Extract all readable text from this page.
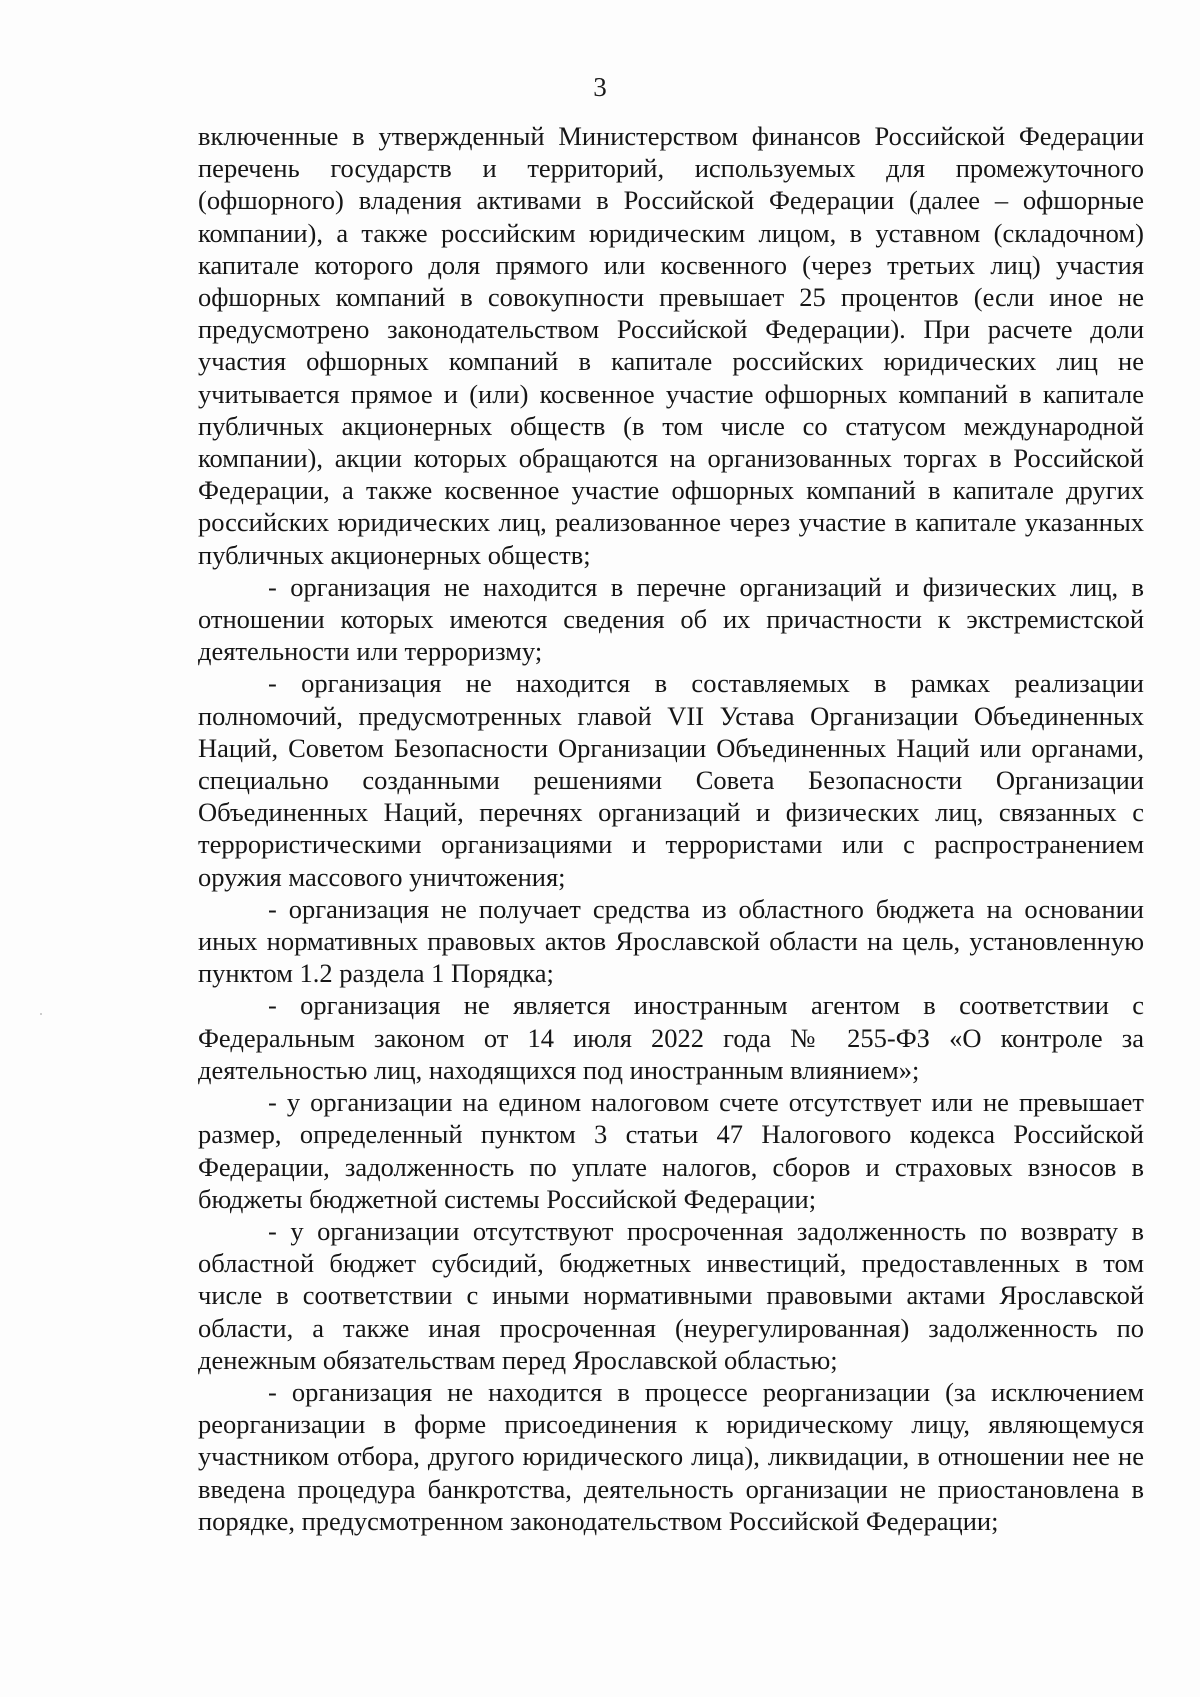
3

включенные в утвержденный Министерством финансов Российской Федерации перечень государств и территорий, используемых для промежуточного (офшорного) владения активами в Российской Федерации (далее – офшорные компании), а также российским юридическим лицом, в уставном (складочном) капитале которого доля прямого или косвенного (через третьих лиц) участия офшорных компаний в совокупности превышает 25 процентов (если иное не предусмотрено законодательством Российской Федерации). При расчете доли участия офшорных компаний в капитале российских юридических лиц не учитывается прямое и (или) косвенное участие офшорных компаний в капитале публичных акционерных обществ (в том числе со статусом международной компании), акции которых обращаются на организованных торгах в Российской Федерации, а также косвенное участие офшорных компаний в капитале других российских юридических лиц, реализованное через участие в капитале указанных публичных акционерных обществ;

- организация не находится в перечне организаций и физических лиц, в отношении которых имеются сведения об их причастности к экстремистской деятельности или терроризму;

- организация не находится в составляемых в рамках реализации полномочий, предусмотренных главой VII Устава Организации Объединенных Наций, Советом Безопасности Организации Объединенных Наций или органами, специально созданными решениями Совета Безопасности Организации Объединенных Наций, перечнях организаций и физических лиц, связанных с террористическими организациями и террористами или с распространением оружия массового уничтожения;

- организация не получает средства из областного бюджета на основании иных нормативных правовых актов Ярославской области на цель, установленную пунктом 1.2 раздела 1 Порядка;

- организация не является иностранным агентом в соответствии с Федеральным законом от 14 июля 2022 года № 255-ФЗ «О контроле за деятельностью лиц, находящихся под иностранным влиянием»;

- у организации на едином налоговом счете отсутствует или не превышает размер, определенный пунктом 3 статьи 47 Налогового кодекса Российской Федерации, задолженность по уплате налогов, сборов и страховых взносов в бюджеты бюджетной системы Российской Федерации;

- у организации отсутствуют просроченная задолженность по возврату в областной бюджет субсидий, бюджетных инвестиций, предоставленных в том числе в соответствии с иными нормативными правовыми актами Ярославской области, а также иная просроченная (неурегулированная) задолженность по денежным обязательствам перед Ярославской областью;

- организация не находится в процессе реорганизации (за исключением реорганизации в форме присоединения к юридическому лицу, являющемуся участником отбора, другого юридического лица), ликвидации, в отношении нее не введена процедура банкротства, деятельность организации не приостановлена в порядке, предусмотренном законодательством Российской Федерации;
